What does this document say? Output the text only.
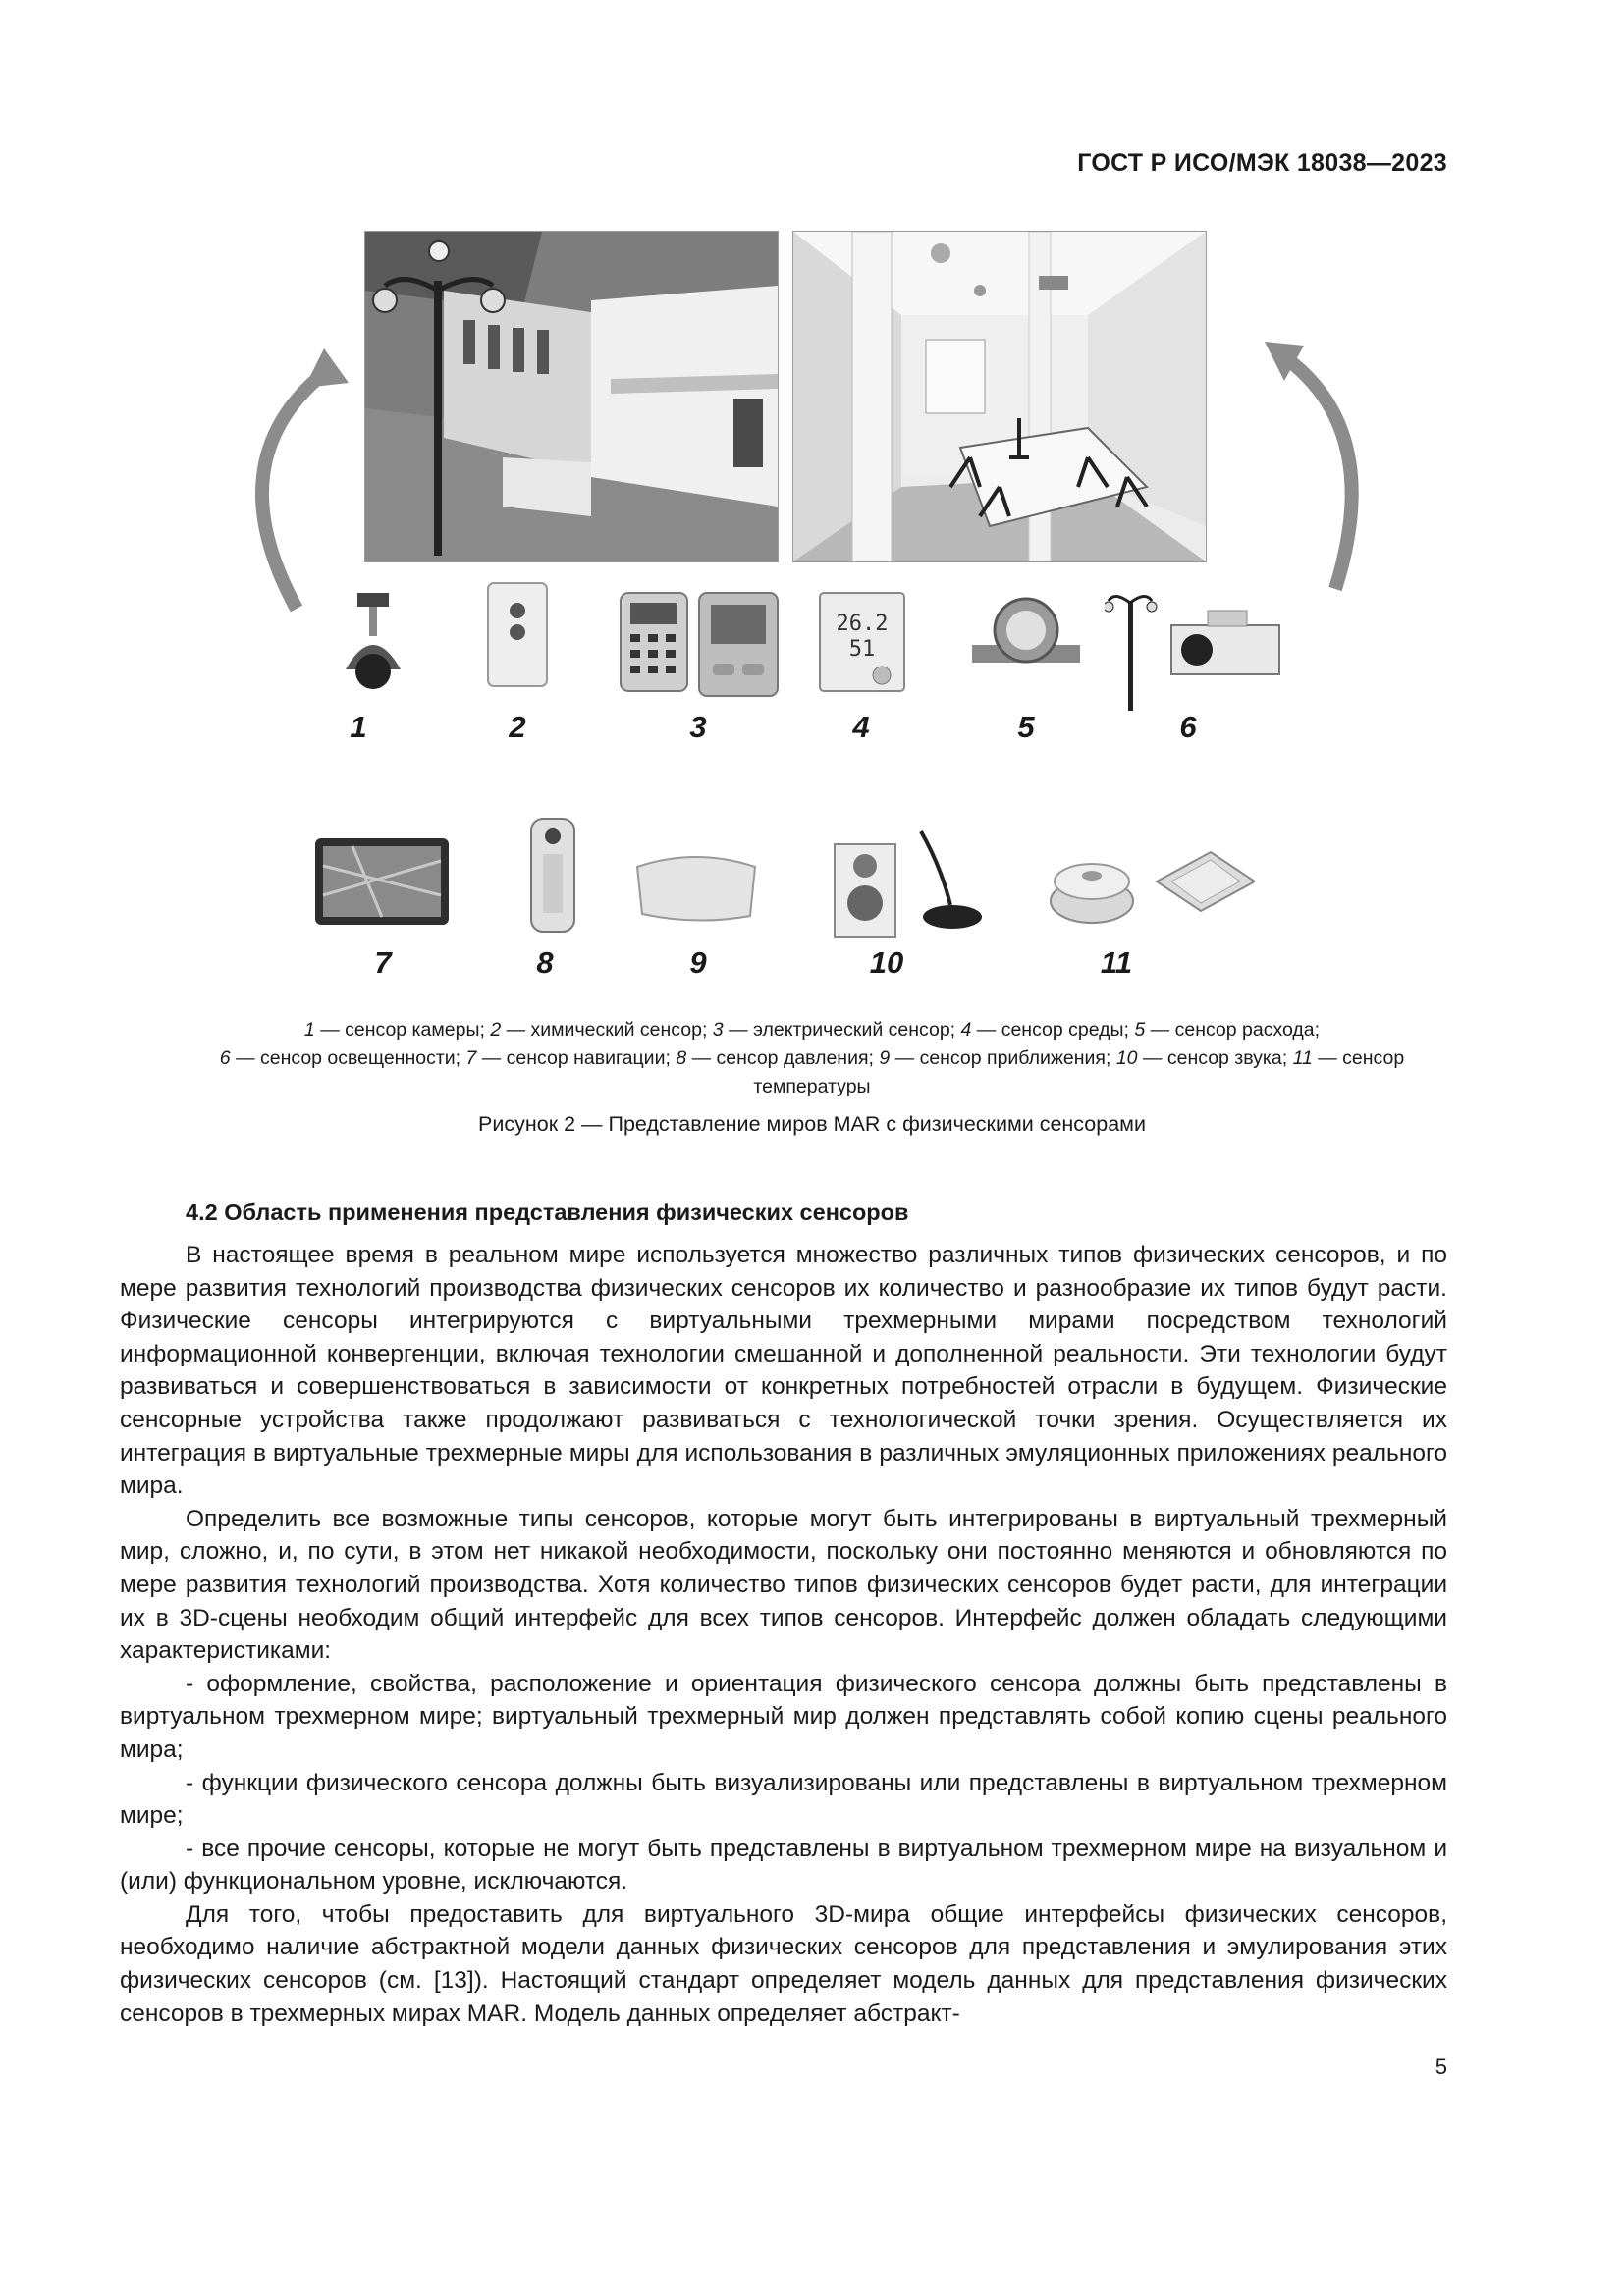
ГОСТ Р ИСО/МЭК 18038—2023
26.2
51
1	2	3	4	5	6
7	8	9	10	11
1 — сенсор камеры; 2 — химический сенсор; 3 — электрический сенсор; 4 — сенсор среды; 5 — сенсор расхода;
6 — сенсор освещенности; 7 — сенсор навигации; 8 — сенсор давления; 9 — сенсор приближения; 10 — сенсор звука; 11 — сенсор температуры
Рисунок 2 — Представление миров MAR с физическими сенсорами
4.2 Область применения представления физических сенсоров

В настоящее время в реальном мире используется множество различных типов физических сенсоров, и по мере развития технологий производства физических сенсоров их количество и разнообразие их типов будут расти. Физические сенсоры интегрируются с виртуальными трехмерными мирами посредством технологий информационной конвергенции, включая технологии смешанной и дополненной реальности. Эти технологии будут развиваться и совершенствоваться в зависимости от конкретных потребностей отрасли в будущем. Физические сенсорные устройства также продолжают развиваться с технологической точки зрения. Осуществляется их интеграция в виртуальные трехмерные миры для использования в различных эмуляционных приложениях реального мира.

Определить все возможные типы сенсоров, которые могут быть интегрированы в виртуальный трехмерный мир, сложно, и, по сути, в этом нет никакой необходимости, поскольку они постоянно меняются и обновляются по мере развития технологий производства. Хотя количество типов физических сенсоров будет расти, для интеграции их в 3D-сцены необходим общий интерфейс для всех типов сенсоров. Интерфейс должен обладать следующими характеристиками:

- оформление, свойства, расположение и ориентация физического сенсора должны быть представлены в виртуальном трехмерном мире; виртуальный трехмерный мир должен представлять собой копию сцены реального мира;

- функции физического сенсора должны быть визуализированы или представлены в виртуальном трехмерном мире;

- все прочие сенсоры, которые не могут быть представлены в виртуальном трехмерном мире на визуальном и (или) функциональном уровне, исключаются.

Для того, чтобы предоставить для виртуального 3D-мира общие интерфейсы физических сенсоров, необходимо наличие абстрактной модели данных физических сенсоров для представления и эмулирования этих физических сенсоров (см. [13]). Настоящий стандарт определяет модель данных для представления физических сенсоров в трехмерных мирах MAR. Модель данных определяет абстракт-

5
